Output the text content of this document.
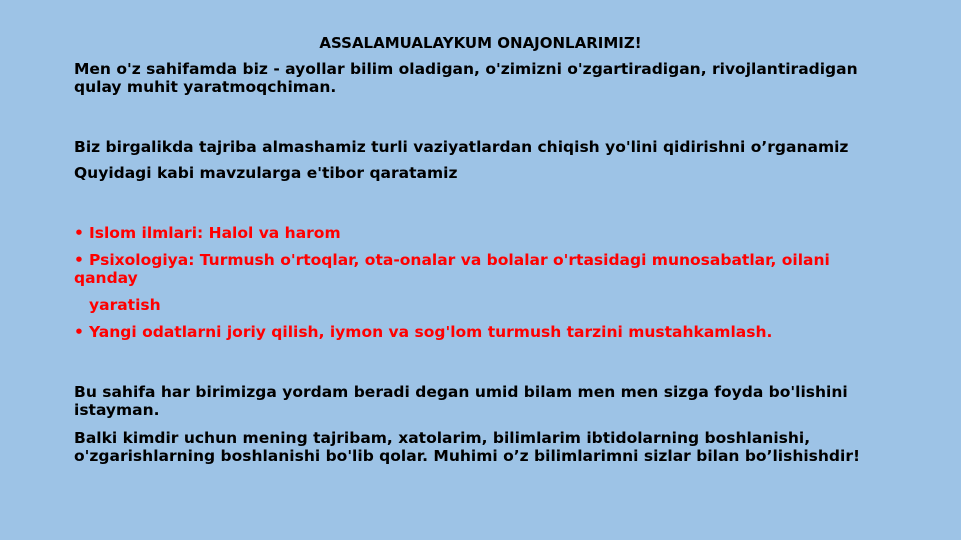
ASSALAMUALAYKUM ONAJONLARIMIZ!
Men o'z sahifamda biz - ayollar bilim oladigan, o'zimizni o'zgartiradigan, rivojlantiradigan
qulay muhit yaratmoqchiman.
Biz birgalikda tajriba almashamiz turli vaziyatlardan chiqish yo'lini qidirishni o’rganamiz
Quyidagi kabi mavzularga e'tibor qaratamiz
• Islom ilmlari: Halol va harom
• Psixologiya: Turmush o'rtoqlar, ota-onalar va bolalar o'rtasidagi munosabatlar, oilani
qanday
yaratish
• Yangi odatlarni joriy qilish, iymon va sog'lom turmush tarzini mustahkamlash.
Bu sahifa har birimizga yordam beradi degan umid bilam men men sizga foyda bo'lishini
istayman.
Balki kimdir uchun mening tajribam, xatolarim, bilimlarim ibtidolarning boshlanishi,
o'zgarishlarning boshlanishi bo'lib qolar. Muhimi o’z bilimlarimni sizlar bilan bo’lishishdir!
